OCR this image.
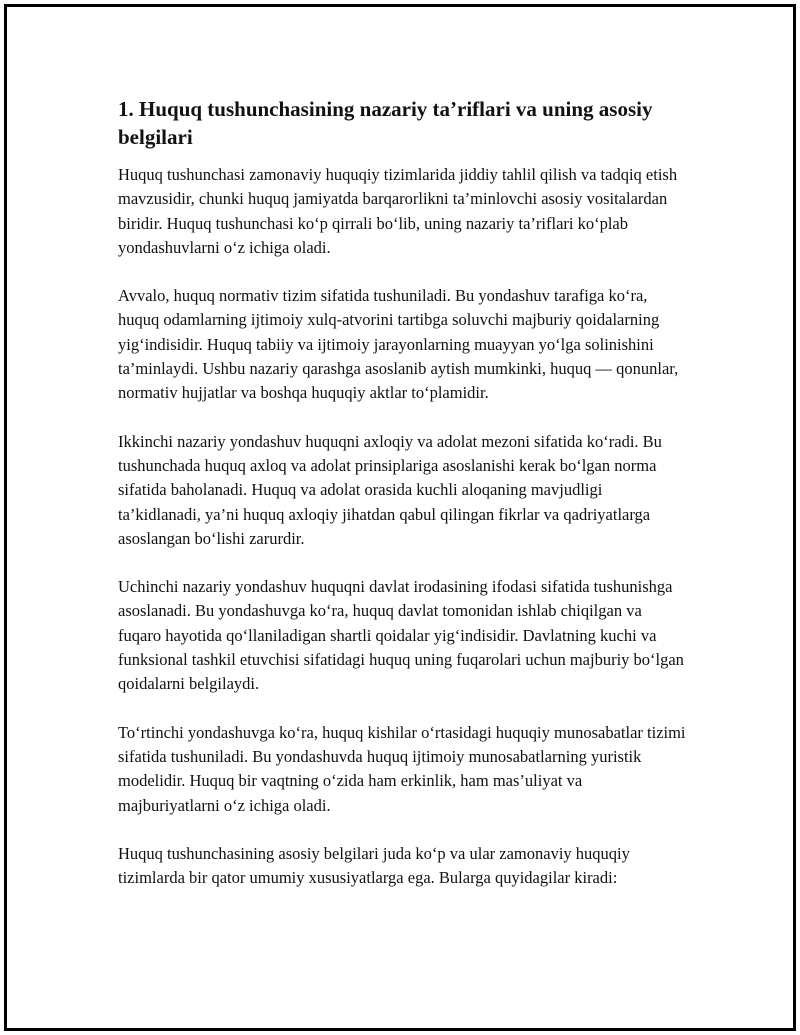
1. Huquq tushunchasining nazariy ta’riflari va uning asosiy belgilari

Huquq tushunchasi zamonaviy huquqiy tizimlarida jiddiy tahlil qilish va tadqiq etish mavzusidir, chunki huquq jamiyatda barqarorlikni ta’minlovchi asosiy vositalardan biridir. Huquq tushunchasi ko‘p qirrali bo‘lib, uning nazariy ta’riflari ko‘plab yondashuvlarni o‘z ichiga oladi.

Avvalo, huquq normativ tizim sifatida tushuniladi. Bu yondashuv tarafiga ko‘ra, huquq odamlarning ijtimoiy xulq-atvorini tartibga soluvchi majburiy qoidalarning yig‘indisidir. Huquq tabiiy va ijtimoiy jarayonlarning muayyan yo‘lga solinishini ta’minlaydi. Ushbu nazariy qarashga asoslanib aytish mumkinki, huquq — qonunlar, normativ hujjatlar va boshqa huquqiy aktlar to‘plamidir.

Ikkinchi nazariy yondashuv huquqni axloqiy va adolat mezoni sifatida ko‘radi. Bu tushunchada huquq axloq va adolat prinsiplariga asoslanishi kerak bo‘lgan norma sifatida baholanadi. Huquq va adolat orasida kuchli aloqaning mavjudligi ta’kidlanadi, ya’ni huquq axloqiy jihatdan qabul qilingan fikrlar va qadriyatlarga asoslangan bo‘lishi zarurdir.

Uchinchi nazariy yondashuv huquqni davlat irodasining ifodasi sifatida tushunishga asoslanadi. Bu yondashuvga ko‘ra, huquq davlat tomonidan ishlab chiqilgan va fuqaro hayotida qo‘llaniladigan shartli qoidalar yig‘indisidir. Davlatning kuchi va funksional tashkil etuvchisi sifatidagi huquq uning fuqarolari uchun majburiy bo‘lgan qoidalarni belgilaydi.

To‘rtinchi yondashuvga ko‘ra, huquq kishilar o‘rtasidagi huquqiy munosabatlar tizimi sifatida tushuniladi. Bu yondashuvda huquq ijtimoiy munosabatlarning yuristik modelidir. Huquq bir vaqtning o‘zida ham erkinlik, ham mas’uliyat va majburiyatlarni o‘z ichiga oladi.

Huquq tushunchasining asosiy belgilari juda ko‘p va ular zamonaviy huquqiy tizimlarda bir qator umumiy xususiyatlarga ega. Bularga quyidagilar kiradi:
